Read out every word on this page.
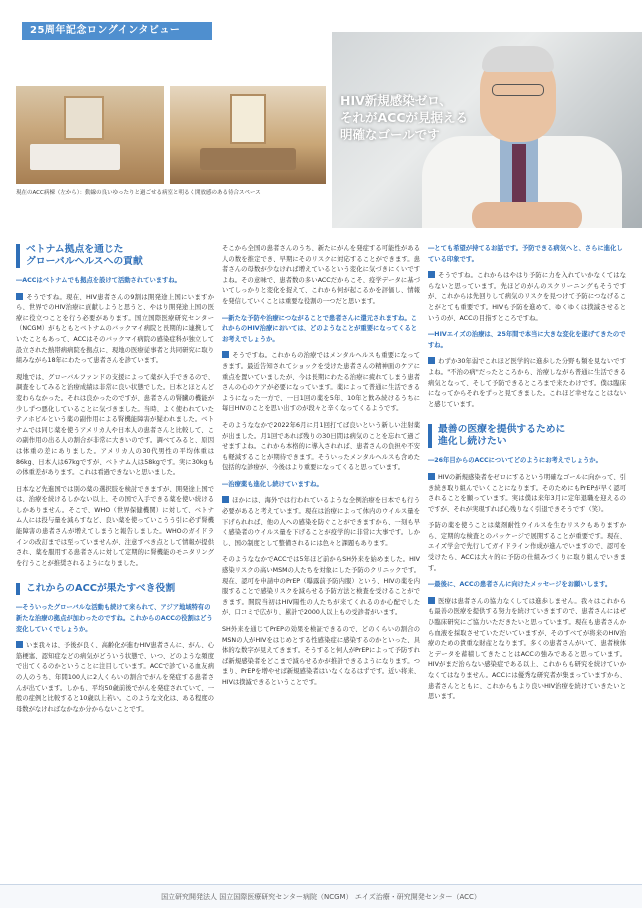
25周年記念ロングインタビュー
現在のACC病棟（左から）：動線の良いゆったりと過ごせる病室と明るく開放感のある待合スペース
HIV新規感染ゼロ、
それがACCが見据える
明確なゴールです
ベトナム拠点を通じた
グローバルヘルスへの貢献
―ACCはベトナムでも拠点を設けて活動されていますね。
そうですね。現在、HIV患者さんの9割は開発途上国にいますから、世界でのHIV治療に貢献しようと思うと、やはり開発途上国の医療に役立つことを行う必要があります。国立国際医療研究センター（NCGM）がもともとベトナムのバックマイ病院と長期的に連携していたこともあって、ACCはそのバックマイ病院の感染症科が独立して設立された熱帯病病院を拠点に、現地の医療従事者と共同研究に取り組みながら18年にわたって患者さんを診ています。
現地では、グローバルファンドの支援によって薬が入手できるので、調査をしてみると治療成績は非常に良い状態でした。日本とほとんど変わらなかった。それは良かったのですが、患者さんの腎臓の機能が少しずつ悪化していることに気づきました。当時、よく使われていたテノホビルという薬の副作用による腎機能障害が疑われました。ベトナムでは同じ薬を使うアメリカ人や日本人の患者さんと比較して、この副作用の出る人の割合が非常に大きいのです。調べてみると、原因は体重の差にありました。アメリカ人の30代男性の平均体重は86kg、日本人は67kgですが、ベトナム人は58kgです。実に30kgもの体重差があります。これは看過できないと思いました。
日本など先進国では別の薬の選択肢を検討できますが、開発途上国では、治療を続けるしかない以上、その国で入手できる薬を使い続けるしかありません。そこで、WHO（世界保健機関）に対して、ベトナム人には投与量を減らすなど、良い薬を使っていこうう引に必ず腎機能障害の患者さんが増えてしまうと報告しました。WHOのガイドラインの改訂までは至っていませんが、注意すべき点として情報が提供され、薬を服用する患者さんに対して定期的に腎機能のモニタリングを行うことが推奨されるようになりました。
これからのACCが果たすべき役割
―そういったグローバルな活動も続けて来られて、アジア地域特有の新たな治療の拠点が加わったのですね。これからのACCの役割はどう変化していくでしょうか。
いま我々は、予後が良く、高齢化が進むHIV患者さんに、がん、心筋梗塞、認知症などの病気がどういう状態で、いつ、どのような頻度で出てくるのかということに注目しています。ACCで診ている血友病の人のうち、年間100人に2人くらいの割合でがんを発症する患者さんが出ています。しかも、平均50歳前後でがんを発症されていて、一般の症例と比較すると10歳以上若い。このような文化は、ある程度の母数がなければなかなか分からないことです。
そこから全国の患者さんのうち、新たにがんを発症する可能性がある人の数を推定でき、早期にそのリスクに対応することができます。患者さんの母数が少なければ増えているという変化に気づきにくいですよね。その意味で、患者数の多いACCだからこそ、疫学データに基づいてしっかりと変化を捉えて、これから何が起こるかを評価し、情報を発信していくことは重要な役割の一つだと思います。
―新たな予防や治療につながることで患者さんに還元されますね。これからのHIV治療においては、どのようなことが重要になってくるとお考えでしょうか。
そうですね。これからの治療ではメンタルヘルスも重要になってきます。最近告知されてショックを受けた患者さんの精神面のケアに重点を置いていましたが、今は長期にわたる治療に疲れてしまう患者さんの心のケアが必要になっています。薬によって普通に生活できるようになった一方で、一日1回の薬を5年、10年と飲み続けるうちに毎日HIVのことを思い出すのが段々と辛くなってくるようです。
そのようななかで2022年6月に月1回打てば良いという新しい注射薬が出ました。月1回であれば残りの30日間は病気のことを忘れて過ごせますよね。これから本格的に導入されれば、患者さんの負担や不安も軽減することが期待できます。そういったメンタルヘルスも含めた包括的な診療が、今後はより重要になってくると思っています。
―治療薬も進化し続けていますね。
ほかには、海外では行われているような全例治療を日本でも行う必要があると考えています。現在は治療によって体内のウイルス量を下げられれば、他の人への感染を防ぐことができますから、一刻も早く感染者のウイルス量を下げることが疫学的に非常に大事です。しかし、国の制度として整備されるには色々と課題もあります。
そのようななかでACCでは5年ほど前からSH外来を始めました。HIV感染リスクの高いMSMの人たちを対象にした予防のクリニックです。現在、認可を申請中のPrEP（曝露前予防内服）という、HIVの薬を内服することで感染リスクを減らせる予防方法と検査を受けることができます。開院当初はHIV陽性の人たちが来てくれるのか心配でしたが、口コミで広がり、累計で2000人以上もの受診者がいます。
SH外来を通じてPrEPの効果を検証できるので、どのくらいの割合のMSNの人がHIVをはじめとする性感染症に感染するのかといった、具体的な数字が見えてきます。そうすると何人がPrEPによって予防すれば新規感染者をどこまで減らせるかが推計できるようになります。つまり、PrEPを増やせば新規感染者はいなくなるはずです。近い将来、HIVは撲滅できるということです。
―とても希望が持てるお話です。予防できる病気へと、さらに進化している印象です。
そうですね。これからはやはり予防に力を入れていかなくてはならないと思っています。先ほどのがんのスクリーニングもそうですが、これからは先回りして病気のリスクを見つけて予防につなげることがとても重要です。HIVも予防を進めて、ゆくゆくは撲滅させるというのが、ACCの目指すところですね。
―HIVエイズの治療は、25年間で本当に大きな変化を遂げてきたのですね。
わずか30年弱でこれほど医学的に進歩した分野も類を見ないですよね。"不治の病"だったところから、治療しながら普通に生活できる病気となって、そして予防できるところまで来たわけです。僕は臨床になってからそれをずっと見てきました。これほど幸せなことはないと感じています。
最善の医療を提供するために
進化し続けたい
―26年目からのACCについてどのようにお考えでしょうか。
HIVの新規感染者をゼロにするという明確なゴールに向かって、引き続き取り組んでいくことになります。そのためにもPrEPが早く認可されることを願っています。実は僕は来年3月に定年退職を迎えるのですが、それが実現すれば心残りなく引退できそうです（笑）。
予防の薬を使うことは薬剤耐性ウイルスを生むリスクもありますから、定期的な検査とのパッケージで展開することが重要です。現在、エイズ学会で先行してガイドライン作成が進んでいますので、認可を受けたら、ACCは大々的に予防の仕組みづくりに取り組んでいきます。
―最後に、ACCの患者さんに向けたメッセージをお願いします。
医療は患者さんの協力なくしては進歩しません。我々はこれからも最善の医療を提供する努力を続けていきますので、患者さんにはぜひ臨床研究にご協力いただきたいと思っています。現在も患者さんから血液を採取させていただいていますが、そのすべてが将来のHIV治療のための貴重な財産となります。多くの患者さんがいて、患者検体とデータを蓄積してきたことはACCの強みであると思っています。HIVがまだ治らない感染症である以上、これからも研究を続けていかなくてはなりません。ACCには優秀な研究者が集まっていますから、患者さんとともに、これからもより良いHIV治療を続けていきたいと思います。
国立研究開発法人 国立国際医療研究センター病院（NCGM） エイズ治療・研究開発センター（ACC）
